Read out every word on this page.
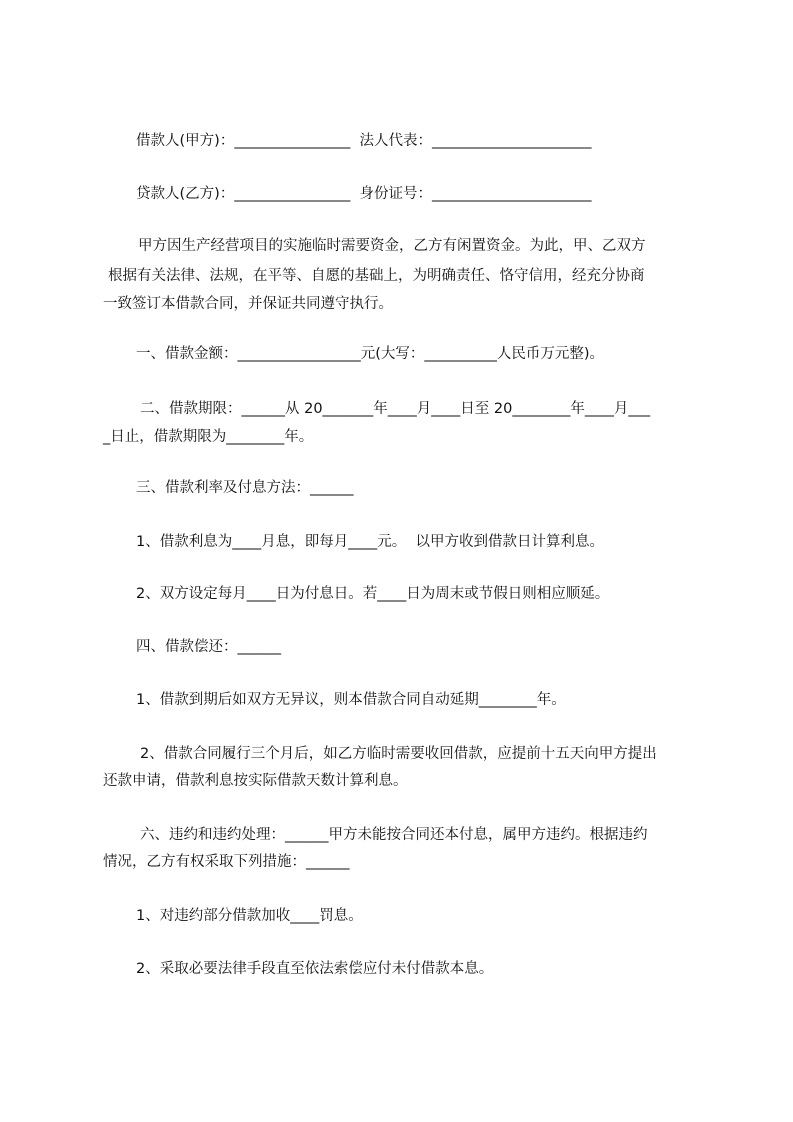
借款人(甲方)：________________  法人代表：______________________
贷款人(乙方)：________________  身份证号：______________________
甲方因生产经营项目的实施临时需要资金，乙方有闲置资金。为此，甲、乙双方
根据有关法律、法规，在平等、自愿的基础上，为明确责任、恪守信用，经充分协商
一致签订本借款合同，并保证共同遵守执行。
一、借款金额：_________________元(大写：__________人民币万元整)。
二、借款期限：______从 20_______年____月____日至 20________年____月___
_日止，借款期限为________年。
三、借款利率及付息方法：______
1、借款利息为____月息，即每月____元。  以甲方收到借款日计算利息。
2、双方设定每月____日为付息日。若____日为周末或节假日则相应顺延。
四、借款偿还：______
1、借款到期后如双方无异议，则本借款合同自动延期________年。
2、借款合同履行三个月后，如乙方临时需要收回借款，应提前十五天向甲方提出
还款申请，借款利息按实际借款天数计算利息。
六、违约和违约处理：______甲方未能按合同还本付息，属甲方违约。根据违约
情况，乙方有权采取下列措施：______
1、对违约部分借款加收____罚息。
2、采取必要法律手段直至依法索偿应付未付借款本息。
